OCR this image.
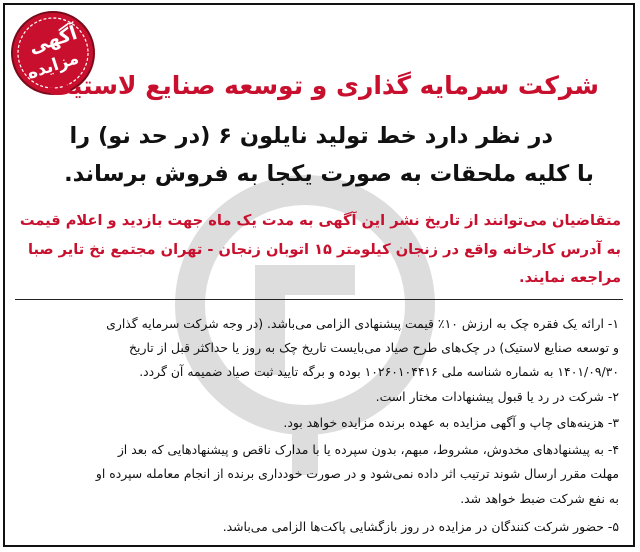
آگهی
مزایده
شرکت سرمایه گذاری و توسعه صنایع لاستیک
در نظر دارد خط تولید نایلون ۶ (در حد نو) را
با کلیه ملحقات به صورت یکجا به فروش برساند.
متقاضیان می‌توانند از تاریخ نشر این آگهی به مدت یک ماه جهت بازدید و اعلام قیمت
به آدرس کارخانه واقع در زنجان کیلومتر ۱۵ اتوبان زنجان - تهران مجتمع نخ تایر صبا
مراجعه نمایند.
۱- ارائه یک فقره چک به ارزش ۱۰٪ قیمت پیشنهادی الزامی می‌باشد. (در وجه شرکت سرمایه گذاری
و توسعه صنایع لاستیک) در چک‌های طرح صیاد می‌بایست تاریخ چک به روز یا حداکثر قبل از تاریخ
۱۴۰۱/۰۹/۳۰ به شماره شناسه ملی ۱۰۲۶۰۱۰۴۴۱۶ بوده و برگه تایید ثبت صیاد ضمیمه آن گردد.
۲- شرکت در رد یا قبول پیشنهادات مختار است.
۳- هزینه‌های چاپ و آگهی مزایده به عهده برنده مزایده خواهد بود.
۴- به پیشنهادهای مخدوش، مشروط، مبهم، بدون سپرده یا با مدارک ناقص و پیشنهادهایی که بعد از
مهلت مقرر ارسال شوند ترتیب اثر داده نمی‌شود و در صورت خودداری برنده از انجام معامله سپرده او
به نفع شرکت ضبط خواهد شد.
۵- حضور شرکت کنندگان در مزایده در روز بازگشایی پاکت‌ها الزامی می‌باشد.
